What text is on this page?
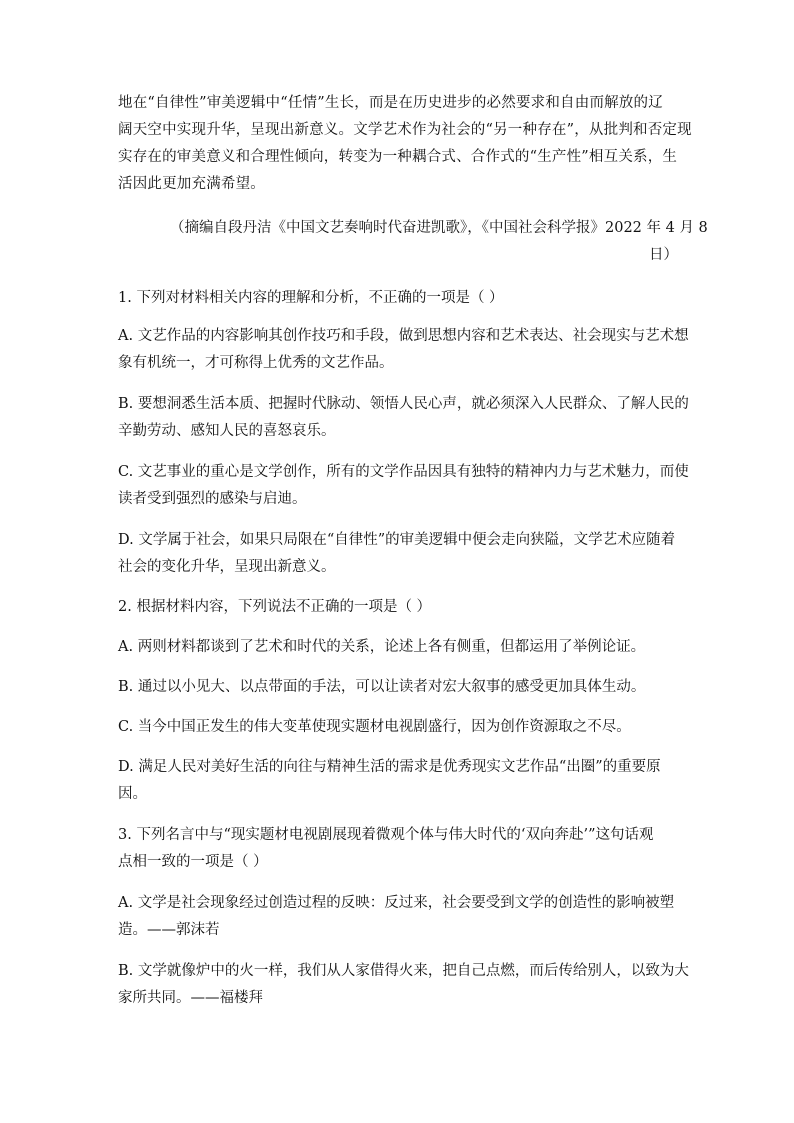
地在“自律性”审美逻辑中“任情”生长，而是在历史进步的必然要求和自由而解放的辽
阔天空中实现升华，呈现出新意义。文学艺术作为社会的“另一种存在”，从批判和否定现
实存在的审美意义和合理性倾向，转变为一种耦合式、合作式的“生产性”相互关系，生
活因此更加充满希望。

（摘编自段丹洁《中国文艺奏响时代奋进凯歌》，《中国社会科学报》2022 年 4 月 8
日）

1. 下列对材料相关内容的理解和分析，不正确的一项是（ ）

A. 文艺作品的内容影响其创作技巧和手段，做到思想内容和艺术表达、社会现实与艺术想
象有机统一，才可称得上优秀的文艺作品。

B. 要想洞悉生活本质、把握时代脉动、领悟人民心声，就必须深入人民群众、了解人民的
辛勤劳动、感知人民的喜怒哀乐。

C. 文艺事业的重心是文学创作，所有的文学作品因具有独特的精神内力与艺术魅力，而使
读者受到强烈的感染与启迪。

D. 文学属于社会，如果只局限在“自律性”的审美逻辑中便会走向狭隘，文学艺术应随着
社会的变化升华，呈现出新意义。

2. 根据材料内容，下列说法不正确的一项是（ ）

A. 两则材料都谈到了艺术和时代的关系，论述上各有侧重，但都运用了举例论证。

B. 通过以小见大、以点带面的手法，可以让读者对宏大叙事的感受更加具体生动。

C. 当今中国正发生的伟大变革使现实题材电视剧盛行，因为创作资源取之不尽。

D. 满足人民对美好生活的向往与精神生活的需求是优秀现实文艺作品“出圈”的重要原
因。

3. 下列名言中与“现实题材电视剧展现着微观个体与伟大时代的‘双向奔赴’”这句话观
点相一致的一项是（ ）

A. 文学是社会现象经过创造过程的反映：反过来，社会要受到文学的创造性的影响被塑
造。——郭沫若

B. 文学就像炉中的火一样，我们从人家借得火来，把自己点燃，而后传给别人，以致为大
家所共同。——福楼拜
